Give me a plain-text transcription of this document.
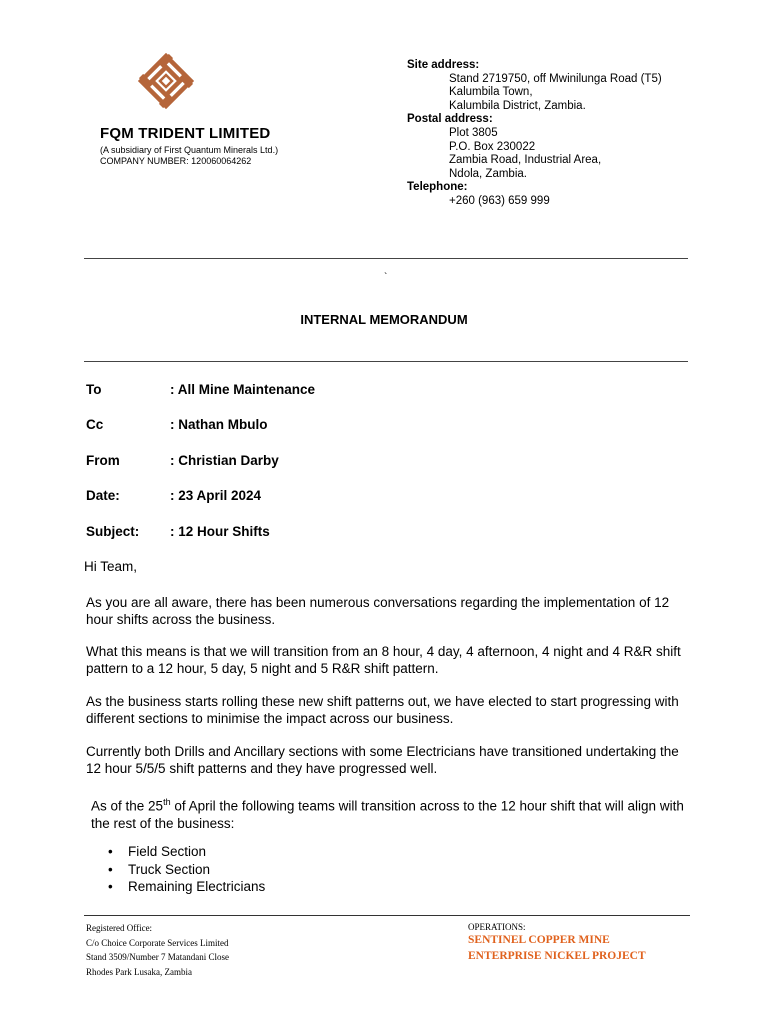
FQM TRIDENT LIMITED
(A subsidiary of First Quantum Minerals Ltd.)
COMPANY NUMBER: 120060064262
Site address:
Stand 2719750, off Mwinilunga Road (T5)
Kalumbila Town,
Kalumbila District, Zambia.
Postal address:
Plot 3805
P.O. Box 230022
Zambia Road, Industrial Area,
Ndola, Zambia.
Telephone:
+260 (963) 659 999
`
INTERNAL MEMORANDUM
To	: All Mine Maintenance
Cc	: Nathan Mbulo
From	: Christian Darby
Date:	: 23 April 2024
Subject: : 12 Hour Shifts
Hi Team,
As you are all aware, there has been numerous conversations regarding the implementation of 12 hour shifts across the business.
What this means is that we will transition from an 8 hour, 4 day, 4 afternoon, 4 night and 4 R&R shift pattern to a 12 hour, 5 day, 5 night and 5 R&R shift pattern.
As the business starts rolling these new shift patterns out, we have elected to start progressing with different sections to minimise the impact across our business.
Currently both Drills and Ancillary sections with some Electricians have transitioned undertaking the 12 hour 5/5/5 shift patterns and they have progressed well.
As of the 25th of April the following teams will transition across to the 12 hour shift that will align with the rest of the business:
• Field Section
• Truck Section
• Remaining Electricians
Registered Office:
C/o Choice Corporate Services Limited
Stand 3509/Number 7 Matandani Close
Rhodes Park Lusaka, Zambia
OPERATIONS:
SENTINEL COPPER MINE
ENTERPRISE NICKEL PROJECT
